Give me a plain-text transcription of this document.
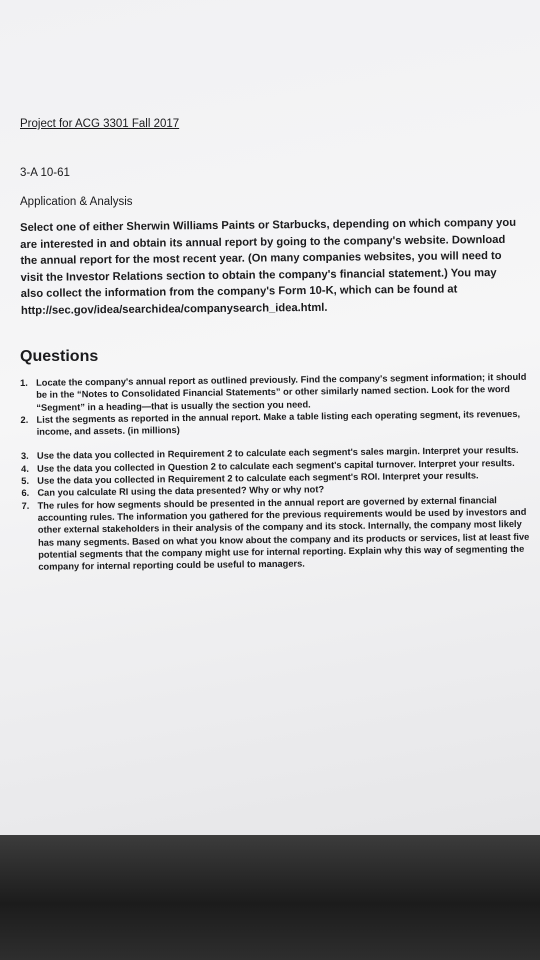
Project for ACG 3301 Fall 2017
3-A 10-61
Application & Analysis
Select one of either Sherwin Williams Paints or Starbucks, depending on which company you are interested in and obtain its annual report by going to the company's website. Download the annual report for the most recent year. (On many companies websites, you will need to visit the Investor Relations section to obtain the company's financial statement.) You may also collect the information from the company's Form 10-K, which can be found at http://sec.gov/idea/searchidea/companysearch_idea.html.
Questions
1. Locate the company's annual report as outlined previously. Find the company's segment information; it should be in the “Notes to Consolidated Financial Statements” or other similarly named section. Look for the word “Segment” in a heading—that is usually the section you need.
2. List the segments as reported in the annual report. Make a table listing each operating segment, its revenues, income, and assets. (in millions)
3. Use the data you collected in Requirement 2 to calculate each segment's sales margin. Interpret your results.
4. Use the data you collected in Question 2 to calculate each segment's capital turnover. Interpret your results.
5. Use the data you collected in Requirement 2 to calculate each segment's ROI. Interpret your results.
6. Can you calculate RI using the data presented? Why or why not?
7. The rules for how segments should be presented in the annual report are governed by external financial accounting rules. The information you gathered for the previous requirements would be used by investors and other external stakeholders in their analysis of the company and its stock. Internally, the company most likely has many segments. Based on what you know about the company and its products or services, list at least five potential segments that the company might use for internal reporting. Explain why this way of segmenting the company for internal reporting could be useful to managers.
